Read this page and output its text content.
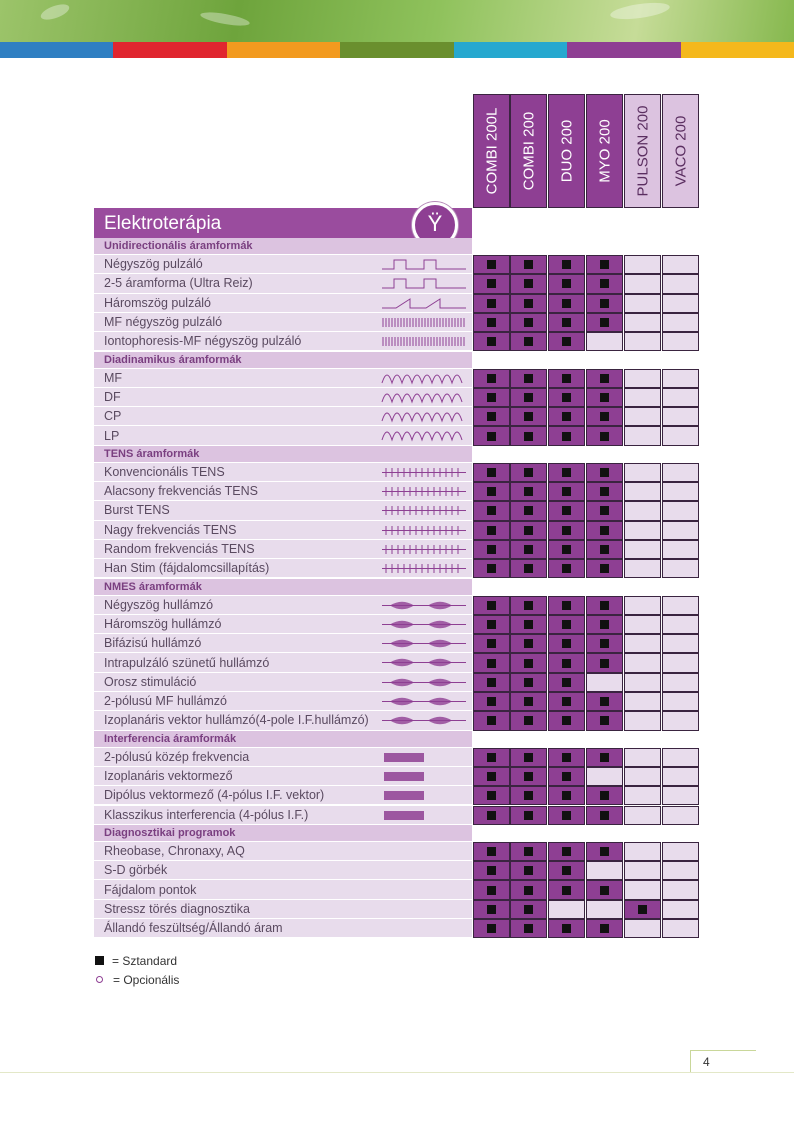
COMBI 200L COMBI 200 DUO 200 MYO 200 PULSON 200 VACO 200
Elektroterápia	Ÿ
Unidirectionális áramformák
Négyszög pulzáló
2-5 áramforma (Ultra Reiz)
Háromszög pulzáló
MF négyszög pulzáló
Iontophoresis-MF négyszög pulzáló
Diadinamikus áramformák
MF
DF
CP
LP
TENS áramformák
Konvencionális TENS
Alacsony frekvenciás TENS
Burst TENS
Nagy frekvenciás TENS
Random frekvenciás TENS
Han Stim (fájdalomcsillapítás)
NMES áramformák
Négyszög hullámzó
Háromszög hullámzó
Bifázisú hullámzó
Intrapulzáló szünetű hullámzó
Orosz stimuláció
2-pólusú MF hullámzó
Izoplanáris vektor hullámzó(4-pole I.F.hullámzó)
Interferencia áramformák
2-pólusú közép frekvencia
Izoplanáris vektormező
Dipólus vektormező (4-pólus I.F. vektor)
Klasszikus interferencia (4-pólus I.F.)
Diagnosztikai programok
Rheobase, Chronaxy, AQ
S-D görbék
Fájdalom pontok
Stressz törés diagnosztika
Állandó feszültség/Állandó áram
= Sztandard
= Opcionális
4
